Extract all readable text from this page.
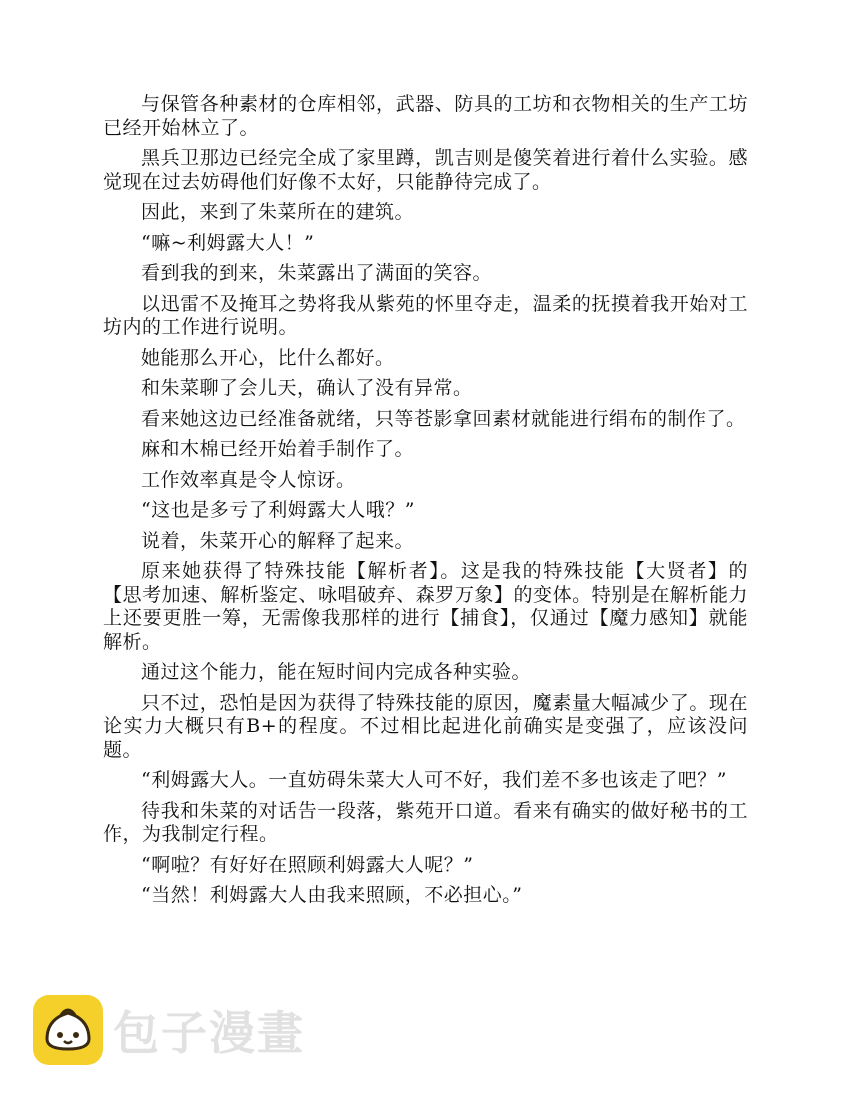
与保管各种素材的仓库相邻，武器、防具的工坊和衣物相关的生产工坊已经开始林立了。

黑兵卫那边已经完全成了家里蹲，凯吉则是傻笑着进行着什么实验。感觉现在过去妨碍他们好像不太好，只能静待完成了。

因此，来到了朱菜所在的建筑。

“嘛~利姆露大人！”

看到我的到来，朱菜露出了满面的笑容。

以迅雷不及掩耳之势将我从紫苑的怀里夺走，温柔的抚摸着我开始对工坊内的工作进行说明。

她能那么开心，比什么都好。

和朱菜聊了会儿天，确认了没有异常。

看来她这边已经准备就绪，只等苍影拿回素材就能进行绢布的制作了。

麻和木棉已经开始着手制作了。

工作效率真是令人惊讶。

“这也是多亏了利姆露大人哦？”

说着，朱菜开心的解释了起来。

原来她获得了特殊技能【解析者】。这是我的特殊技能【大贤者】的【思考加速、解析鉴定、咏唱破弃、森罗万象】的变体。特别是在解析能力上还要更胜一筹，无需像我那样的进行【捕食】，仅通过【魔力感知】就能解析。

通过这个能力，能在短时间内完成各种实验。

只不过，恐怕是因为获得了特殊技能的原因，魔素量大幅减少了。现在论实力大概只有B+的程度。不过相比起进化前确实是变强了，应该没问题。

“利姆露大人。一直妨碍朱菜大人可不好，我们差不多也该走了吧？”

待我和朱菜的对话告一段落，紫苑开口道。看来有确实的做好秘书的工作，为我制定行程。

“啊啦？有好好在照顾利姆露大人呢？”

“当然！利姆露大人由我来照顾，不必担心。”

包子漫畫
